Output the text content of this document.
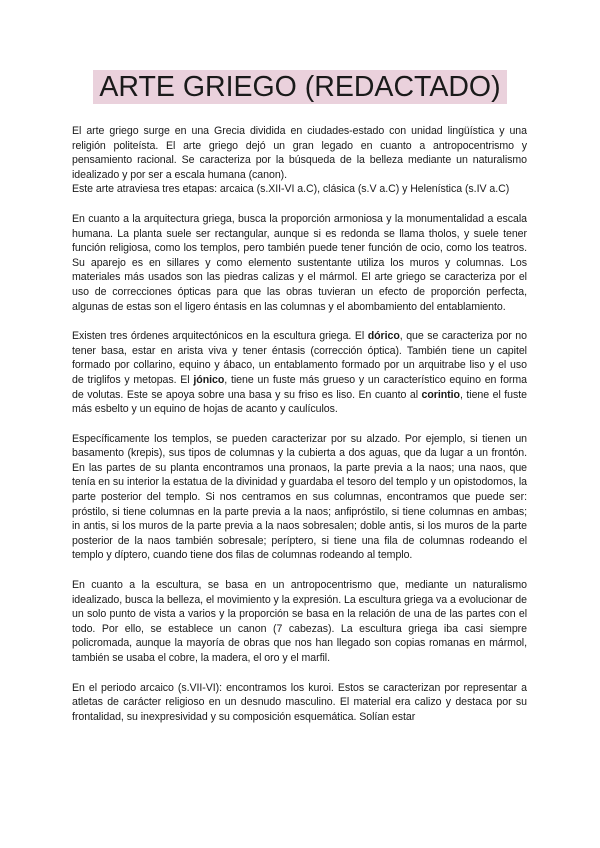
ARTE GRIEGO (REDACTADO)

El arte griego surge en una Grecia dividida en ciudades-estado con unidad lingüística y una religión politeísta. El arte griego dejó un gran legado en cuanto a antropocentrismo y pensamiento racional. Se caracteriza por la búsqueda de la belleza mediante un naturalismo idealizado y por ser a escala humana (canon).

Este arte atraviesa tres etapas: arcaica (s.XII-VI a.C), clásica (s.V a.C) y Helenística (s.IV a.C)

En cuanto a la arquitectura griega, busca la proporción armoniosa y la monumentalidad a escala humana. La planta suele ser rectangular, aunque si es redonda se llama tholos, y suele tener función religiosa, como los templos, pero también puede tener función de ocio, como los teatros. Su aparejo es en sillares y como elemento sustentante utiliza los muros y columnas. Los materiales más usados son las piedras calizas y el mármol. El arte griego se caracteriza por el uso de correcciones ópticas para que las obras tuvieran un efecto de proporción perfecta, algunas de estas son el ligero éntasis en las columnas y el abombamiento del entablamiento.

Existen tres órdenes arquitectónicos en la escultura griega. El dórico, que se caracteriza por no tener basa, estar en arista viva y tener éntasis (corrección óptica). También tiene un capitel formado por collarino, equino y ábaco, un entablamento formado por un arquitrabe liso y el uso de triglifos y metopas. El jónico, tiene un fuste más grueso y un característico equino en forma de volutas. Este se apoya sobre una basa y su friso es liso. En cuanto al corintio, tiene el fuste más esbelto y un equino de hojas de acanto y caulículos.

Específicamente los templos, se pueden caracterizar por su alzado. Por ejemplo, si tienen un basamento (krepis), sus tipos de columnas y la cubierta a dos aguas, que da lugar a un frontón. En las partes de su planta encontramos una pronaos, la parte previa a la naos; una naos, que tenía en su interior la estatua de la divinidad y guardaba el tesoro del templo y un opistodomos, la parte posterior del templo. Si nos centramos en sus columnas, encontramos que puede ser: próstilo, si tiene columnas en la parte previa a la naos; anfipróstilo, si tiene columnas en ambas; in antis, si los muros de la parte previa a la naos sobresalen; doble antis, si los muros de la parte posterior de la naos también sobresale; períptero, si tiene una fila de columnas rodeando el templo y díptero, cuando tiene dos filas de columnas rodeando al templo.

En cuanto a la escultura, se basa en un antropocentrismo que, mediante un naturalismo idealizado, busca la belleza, el movimiento y la expresión. La escultura griega va a evolucionar de un solo punto de vista a varios y la proporción se basa en la relación de una de las partes con el todo. Por ello, se establece un canon (7 cabezas). La escultura griega iba casi siempre policromada, aunque la mayoría de obras que nos han llegado son copias romanas en mármol, también se usaba el cobre, la madera, el oro y el marfil.

En el periodo arcaico (s.VII-VI): encontramos los kuroi. Estos se caracterizan por representar a atletas de carácter religioso en un desnudo masculino. El material era calizo y destaca por su frontalidad, su inexpresividad y su composición esquemática. Solían estar
